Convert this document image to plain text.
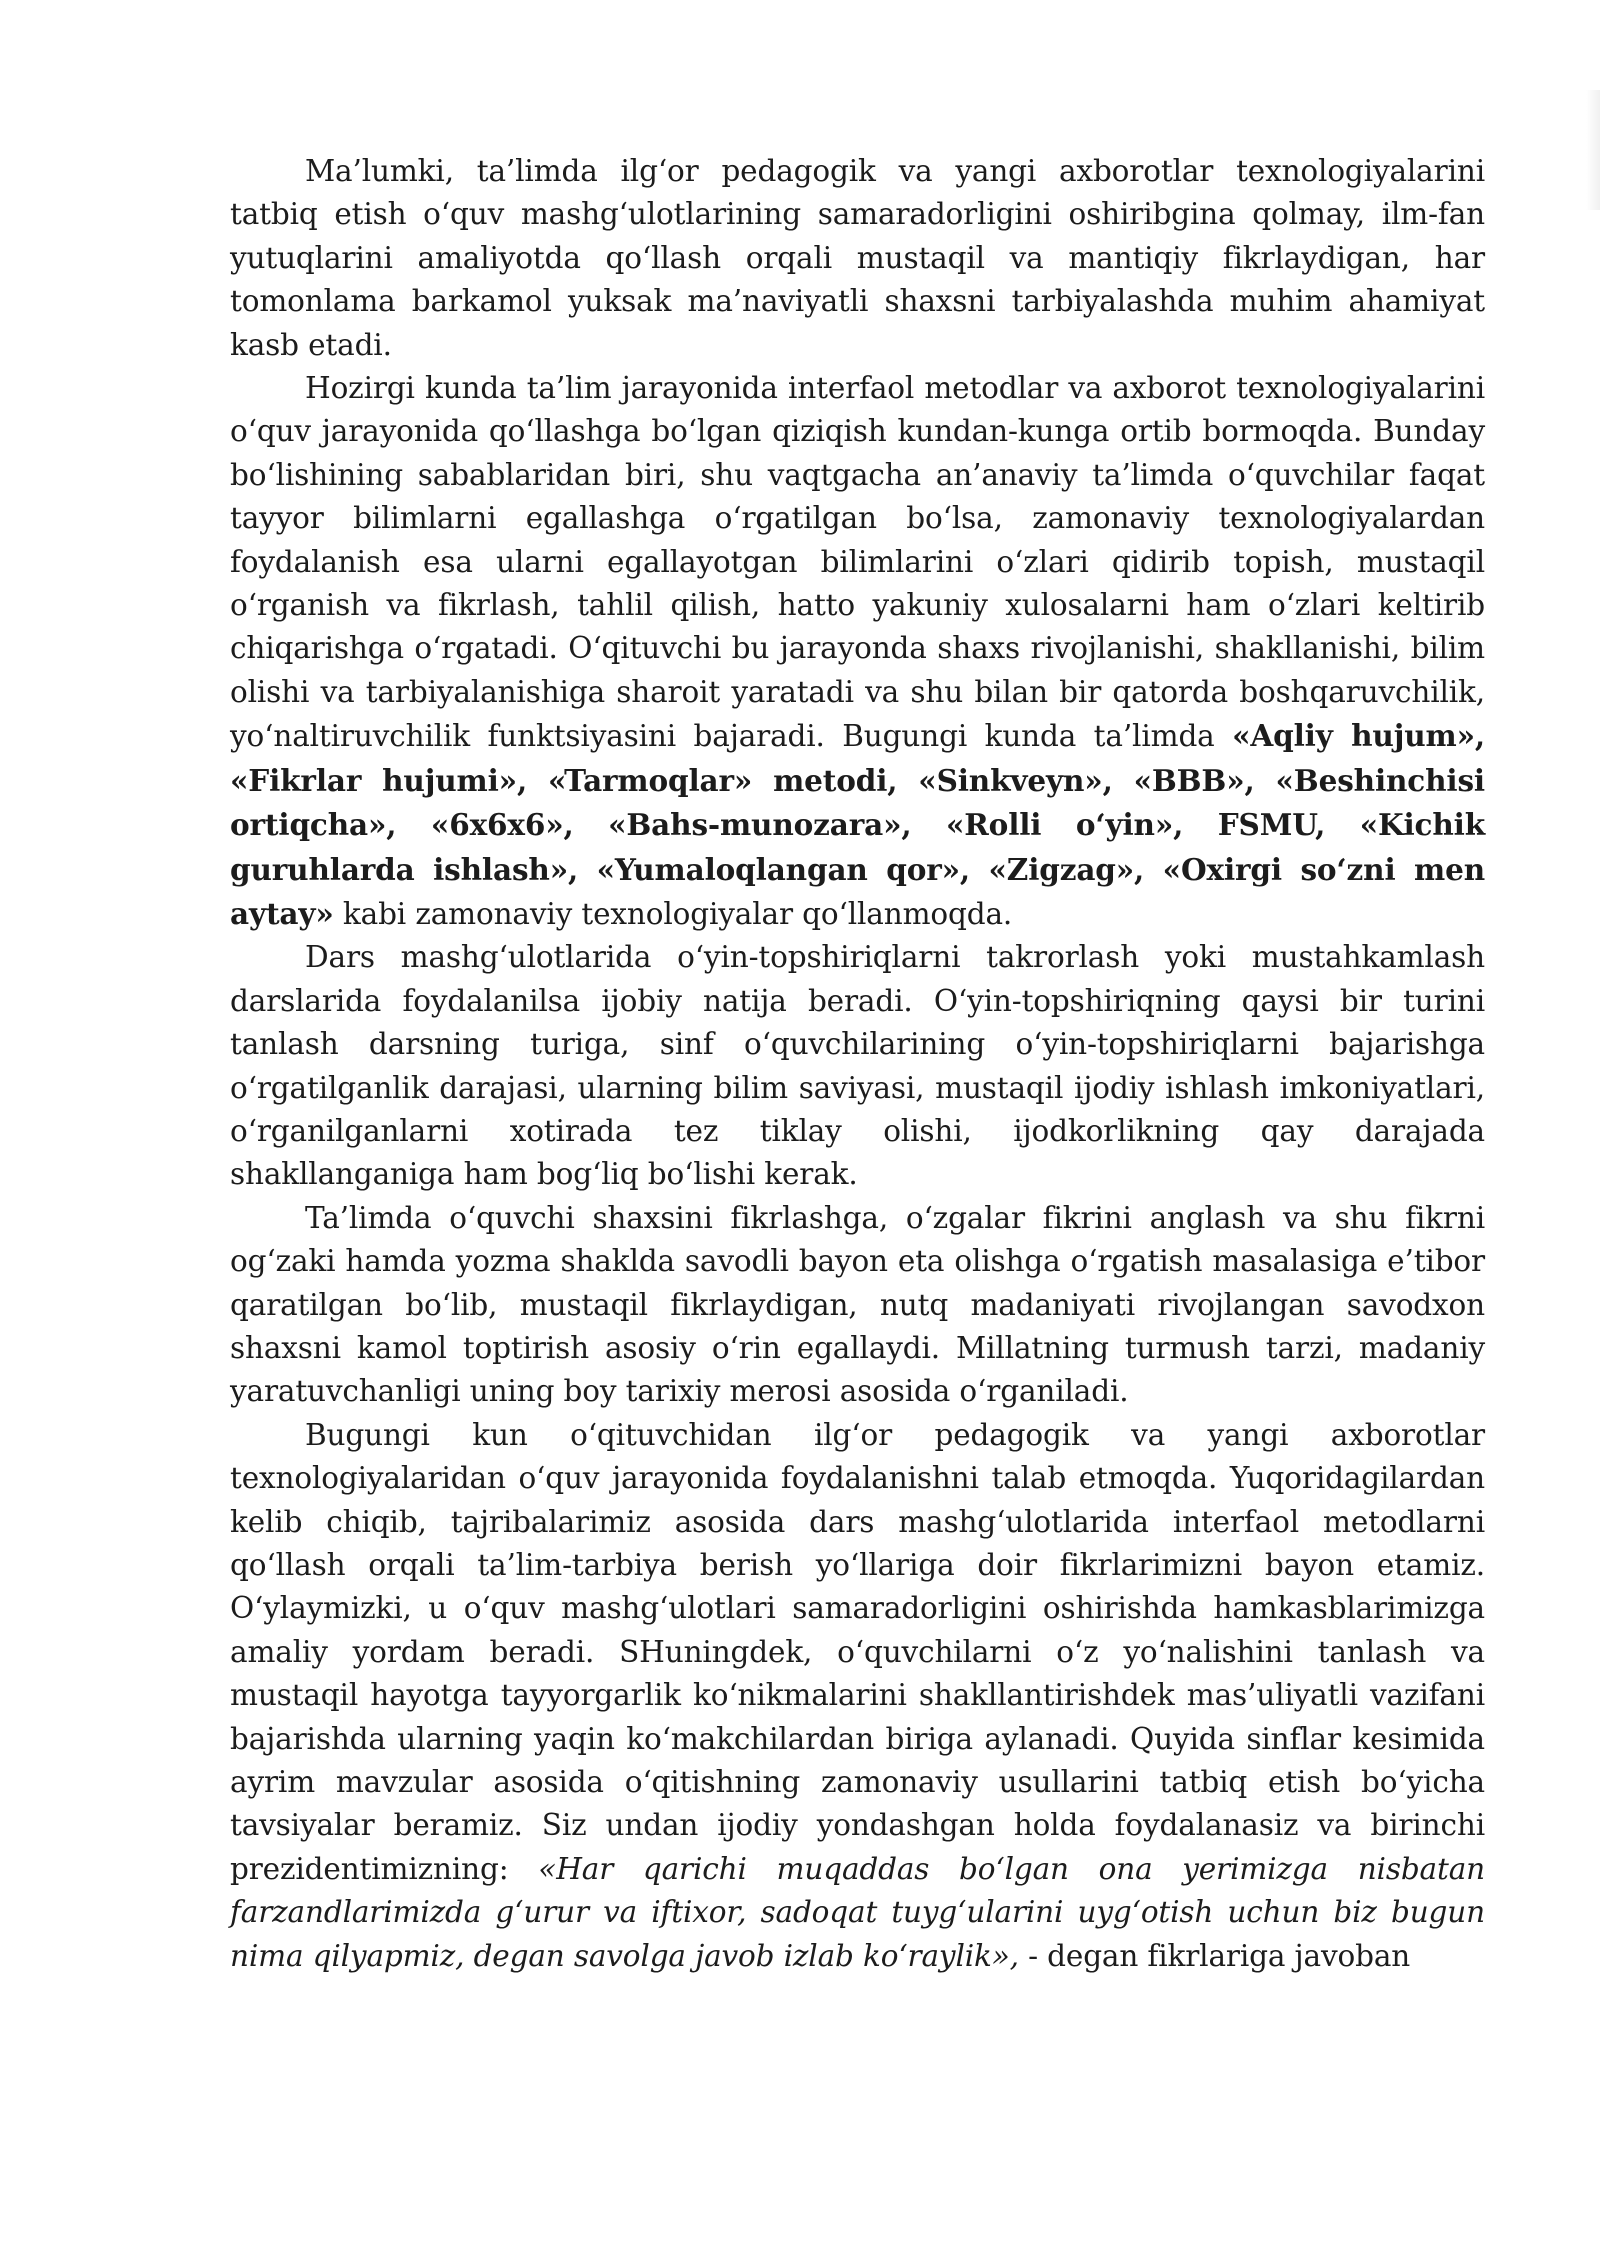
Ma’lumki, ta’limda ilg‘or pedagogik va yangi axborotlar texnologiyalarini tatbiq etish o‘quv mashg‘ulotlarining samaradorligini oshiribgina qolmay, ilm-fan yutuqlarini amaliyotda qo‘llash orqali mustaqil va mantiqiy fikrlaydigan, har tomonlama barkamol yuksak ma’naviyatli shaxsni tarbiyalashda muhim ahamiyat kasb etadi.

Hozirgi kunda ta’lim jarayonida interfaol metodlar va axborot texnologiyalarini o‘quv jarayonida qo‘llashga bo‘lgan qiziqish kundan-kunga ortib bormoqda. Bunday bo‘lishining sabablaridan biri, shu vaqtgacha an’anaviy ta’limda o‘quvchilar faqat tayyor bilimlarni egallashga o‘rgatilgan bo‘lsa, zamonaviy texnologiyalardan foydalanish esa ularni egallayotgan bilimlarini o‘zlari qidirib topish, mustaqil o‘rganish va fikrlash, tahlil qilish, hatto yakuniy xulosalarni ham o‘zlari keltirib chiqarishga o‘rgatadi. O‘qituvchi bu jarayonda shaxs rivojlanishi, shakllanishi, bilim olishi va tarbiyalanishiga sharoit yaratadi va shu bilan bir qatorda boshqaruvchilik, yo‘naltiruvchilik funktsiyasini bajaradi. Bugungi kunda ta’limda «Aqliy hujum», «Fikrlar hujumi», «Tarmoqlar» metodi, «Sinkveyn», «BBB», «Beshinchisi ortiqcha», «6x6x6», «Bahs-munozara», «Rolli o‘yin», FSMU, «Kichik guruhlarda ishlash», «Yumaloqlangan qor», «Zigzag», «Oxirgi so‘zni men aytay» kabi zamonaviy texnologiyalar qo‘llanmoqda.

Dars mashg‘ulotlarida o‘yin-topshiriqlarni takrorlash yoki mustahkamlash darslarida foydalanilsa ijobiy natija beradi. O‘yin-topshiriqning qaysi bir turini tanlash darsning turiga, sinf o‘quvchilarining o‘yin-topshiriqlarni bajarishga o‘rgatilganlik darajasi, ularning bilim saviyasi, mustaqil ijodiy ishlash imkoniyatlari, o‘rganilganlarni xotirada tez tiklay olishi, ijodkorlikning qay darajada shakllanganiga ham bog‘liq bo‘lishi kerak.

Ta’limda o‘quvchi shaxsini fikrlashga, o‘zgalar fikrini anglash va shu fikrni og‘zaki hamda yozma shaklda savodli bayon eta olishga o‘rgatish masalasiga e’tibor qaratilgan bo‘lib, mustaqil fikrlaydigan, nutq madaniyati rivojlangan savodxon shaxsni kamol toptirish asosiy o‘rin egallaydi. Millatning turmush tarzi, madaniy yaratuvchanligi uning boy tarixiy merosi asosida o‘rganiladi.

Bugungi kun o‘qituvchidan ilg‘or pedagogik va yangi axborotlar texnologiyalaridan o‘quv jarayonida foydalanishni talab etmoqda. Yuqoridagilardan kelib chiqib, tajribalarimiz asosida dars mashg‘ulotlarida interfaol metodlarni qo‘llash orqali ta’lim-tarbiya berish yo‘llariga doir fikrlarimizni bayon etamiz. O‘ylaymizki, u o‘quv mashg‘ulotlari samaradorligini oshirishda hamkasblarimizga amaliy yordam beradi. SHuningdek, o‘quvchilarni o‘z yo‘nalishini tanlash va mustaqil hayotga tayyorgarlik ko‘nikmalarini shakllantirishdek mas’uliyatli vazifani bajarishda ularning yaqin ko‘makchilardan biriga aylanadi. Quyida sinflar kesimida ayrim mavzular asosida o‘qitishning zamonaviy usullarini tatbiq etish bo‘yicha tavsiyalar beramiz. Siz undan ijodiy yondashgan holda foydalanasiz va birinchi prezidentimizning: «Har qarichi muqaddas bo‘lgan ona yerimizga nisbatan farzandlarimizda g‘urur va iftixor, sadoqat tuyg‘ularini uyg‘otish uchun biz bugun nima qilyapmiz, degan savolga javob izlab ko‘raylik», - degan fikrlariga javoban
